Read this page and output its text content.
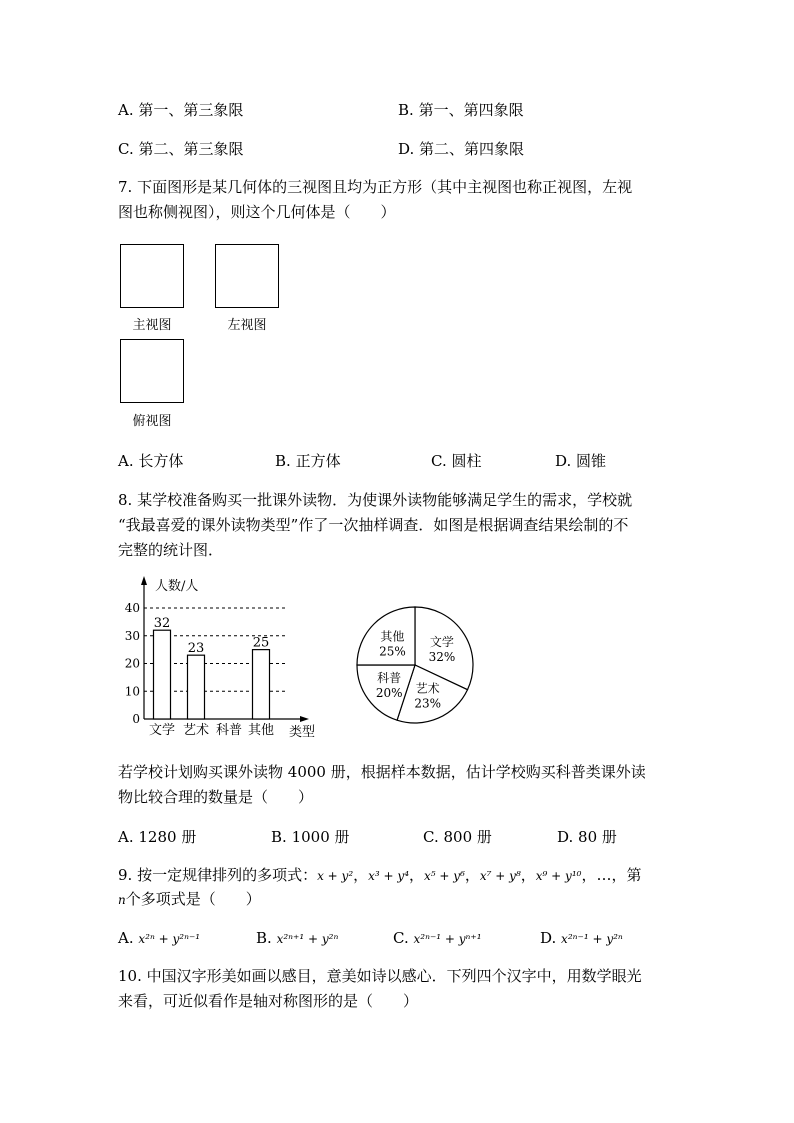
A. 第一、第三象限	B. 第一、第四象限
C. 第二、第三象限	D. 第二、第四象限
7. 下面图形是某几何体的三视图且均为正方形（其中主视图也称正视图，左视
图也称侧视图），则这个几何体是（　　）
主视图	左视图
俯视图
A. 长方体	B. 正方体	C. 圆柱	D. 圆锥
8. 某学校准备购买一批课外读物．为使课外读物能够满足学生的需求，学校就
“我最喜爱的课外读物类型”作了一次抽样调查．如图是根据调查结果绘制的不
完整的统计图．
0
10
20
30
40
32
23	25
文学 艺术 科普 其他
人数/人
类型
文学
32%
艺术
23%
科普
20%
其他
25%
若学校计划购买课外读物 4000 册，根据样本数据，估计学校购买科普类课外读
物比较合理的数量是（　　）
A. 1280 册	B. 1000 册	C. 800 册	D. 80 册
9. 按一定规律排列的多项式：x + y²，x³ + y⁴，x⁵ + y⁶，x⁷ + y⁸，x⁹ + y¹⁰，…，第
n个多项式是（　　）
A. x²ⁿ + y²ⁿ⁻¹	B. x²ⁿ⁺¹ + y²ⁿ	C. x²ⁿ⁻¹ + yⁿ⁺¹	D. x²ⁿ⁻¹ + y²ⁿ
10. 中国汉字形美如画以感目，意美如诗以感心．下列四个汉字中，用数学眼光
来看，可近似看作是轴对称图形的是（　　）
